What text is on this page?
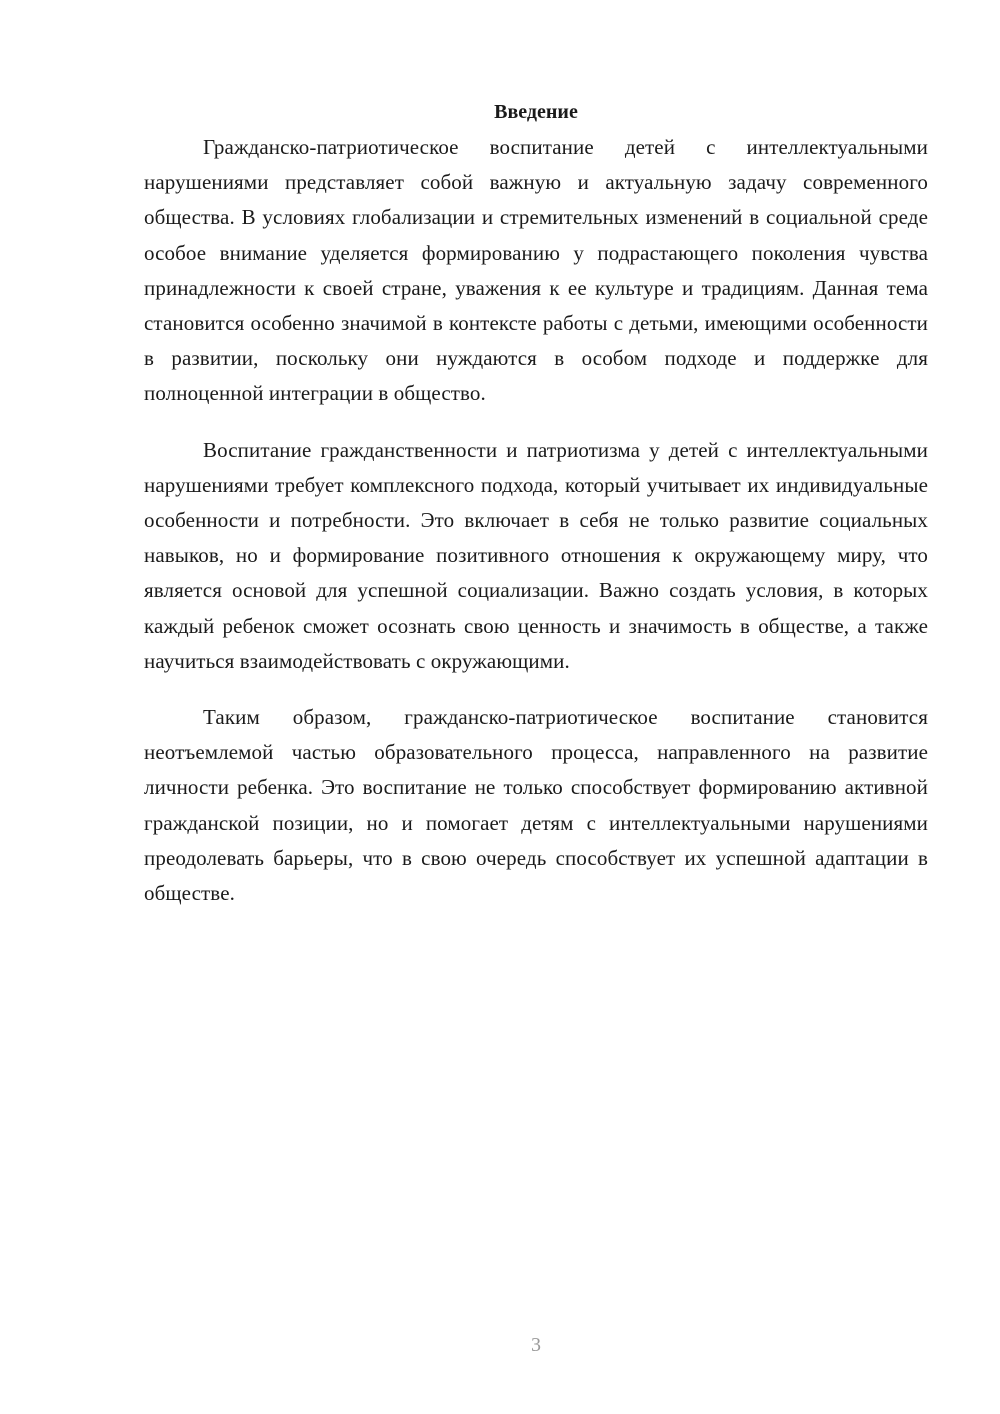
Введение

Гражданско-патриотическое воспитание детей с интеллектуальными нарушениями представляет собой важную и актуальную задачу современного общества. В условиях глобализации и стремительных изменений в социальной среде особое внимание уделяется формированию у подрастающего поколения чувства принадлежности к своей стране, уважения к ее культуре и традициям. Данная тема становится особенно значимой в контексте работы с детьми, имеющими особенности в развитии, поскольку они нуждаются в особом подходе и поддержке для полноценной интеграции в общество.

Воспитание гражданственности и патриотизма у детей с интеллектуальными нарушениями требует комплексного подхода, который учитывает их индивидуальные особенности и потребности. Это включает в себя не только развитие социальных навыков, но и формирование позитивного отношения к окружающему миру, что является основой для успешной социализации. Важно создать условия, в которых каждый ребенок сможет осознать свою ценность и значимость в обществе, а также научиться взаимодействовать с окружающими.

Таким образом, гражданско-патриотическое воспитание становится неотъемлемой частью образовательного процесса, направленного на развитие личности ребенка. Это воспитание не только способствует формированию активной гражданской позиции, но и помогает детям с интеллектуальными нарушениями преодолевать барьеры, что в свою очередь способствует их успешной адаптации в обществе.

3
